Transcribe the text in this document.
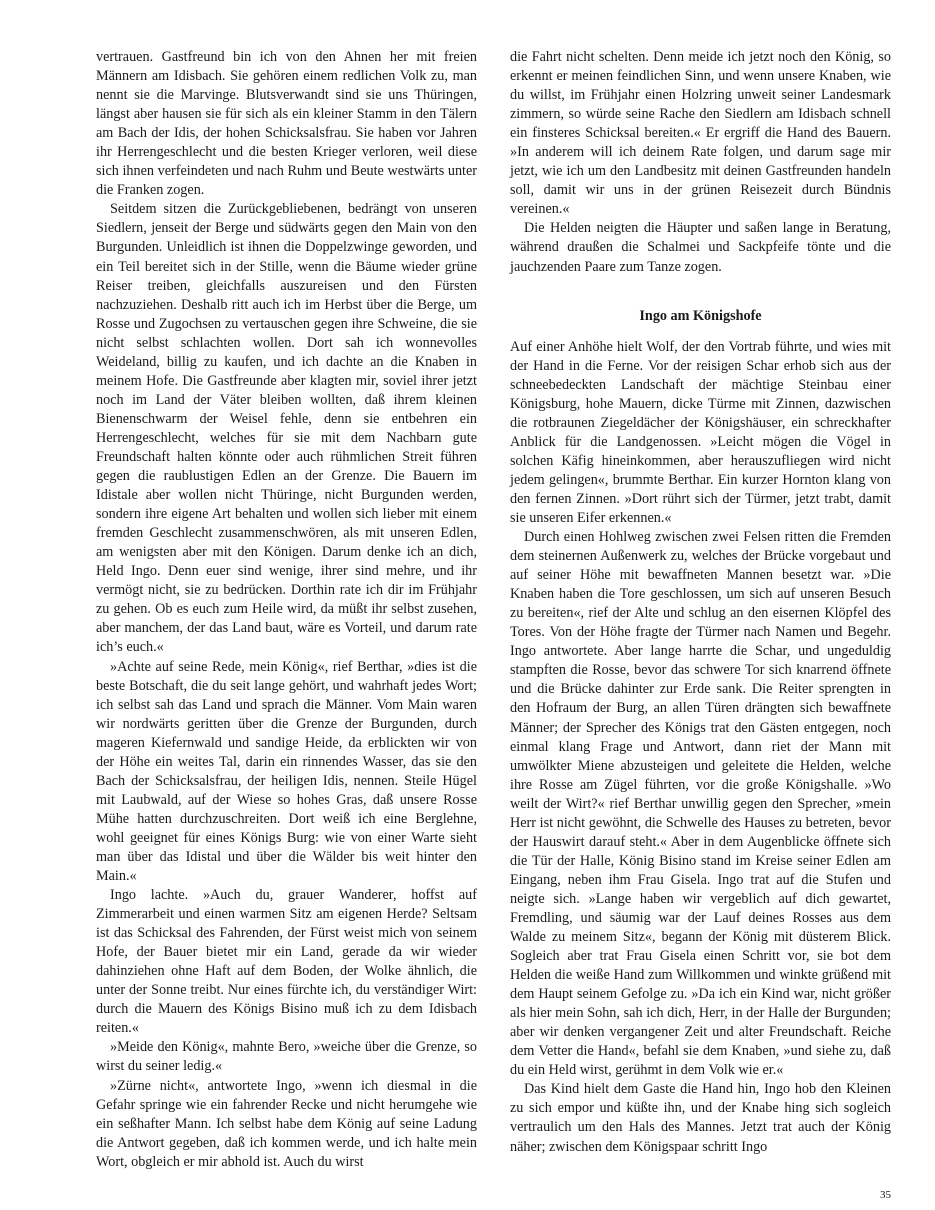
vertrauen. Gastfreund bin ich von den Ahnen her mit freien Männern am Idisbach. Sie gehören einem redlichen Volk zu, man nennt sie die Marvinge. Blutsverwandt sind sie uns Thüringen, längst aber hausen sie für sich als ein kleiner Stamm in den Tälern am Bach der Idis, der hohen Schicksalsfrau. Sie haben vor Jahren ihr Herrengeschlecht und die besten Krieger verloren, weil diese sich ihnen verfeindeten und nach Ruhm und Beute westwärts unter die Franken zogen.

Seitdem sitzen die Zurückgebliebenen, bedrängt von unseren Siedlern, jenseit der Berge und südwärts gegen den Main von den Burgunden. Unleidlich ist ihnen die Doppelzwinge geworden, und ein Teil bereitet sich in der Stille, wenn die Bäume wieder grüne Reiser treiben, gleichfalls auszureisen und den Fürsten nachzuziehen. Deshalb ritt auch ich im Herbst über die Berge, um Rosse und Zugochsen zu vertauschen gegen ihre Schweine, die sie nicht selbst schlachten wollen. Dort sah ich wonnevolles Weideland, billig zu kaufen, und ich dachte an die Knaben in meinem Hofe. Die Gastfreunde aber klagten mir, soviel ihrer jetzt noch im Land der Väter bleiben wollten, daß ihrem kleinen Bienenschwarm der Weisel fehle, denn sie entbehren ein Herrengeschlecht, welches für sie mit dem Nachbarn gute Freundschaft halten könnte oder auch rühmlichen Streit führen gegen die raublustigen Edlen an der Grenze. Die Bauern im Idistale aber wollen nicht Thüringe, nicht Burgunden werden, sondern ihre eigene Art behalten und wollen sich lieber mit einem fremden Geschlecht zusammenschwören, als mit unseren Edlen, am wenigsten aber mit den Königen. Darum denke ich an dich, Held Ingo. Denn euer sind wenige, ihrer sind mehre, und ihr vermögt nicht, sie zu bedrücken. Dorthin rate ich dir im Frühjahr zu gehen. Ob es euch zum Heile wird, da müßt ihr selbst zusehen, aber manchem, der das Land baut, wäre es Vorteil, und darum rate ich’s euch.«

»Achte auf seine Rede, mein König«, rief Berthar, »dies ist die beste Botschaft, die du seit lange gehört, und wahrhaft jedes Wort; ich selbst sah das Land und sprach die Männer. Vom Main waren wir nordwärts geritten über die Grenze der Burgunden, durch mageren Kiefernwald und sandige Heide, da erblickten wir von der Höhe ein weites Tal, darin ein rinnendes Wasser, das sie den Bach der Schicksalsfrau, der heiligen Idis, nennen. Steile Hügel mit Laubwald, auf der Wiese so hohes Gras, daß unsere Rosse Mühe hatten durchzuschreiten. Dort weiß ich eine Berglehne, wohl geeignet für eines Königs Burg: wie von einer Warte sieht man über das Idistal und über die Wälder bis weit hinter den Main.«

Ingo lachte. »Auch du, grauer Wanderer, hoffst auf Zimmerarbeit und einen warmen Sitz am eigenen Herde? Seltsam ist das Schicksal des Fahrenden, der Fürst weist mich von seinem Hofe, der Bauer bietet mir ein Land, gerade da wir wieder dahinziehen ohne Haft auf dem Boden, der Wolke ähnlich, die unter der Sonne treibt. Nur eines fürchte ich, du verständiger Wirt: durch die Mauern des Königs Bisino muß ich zu dem Idisbach reiten.«

»Meide den König«, mahnte Bero, »weiche über die Grenze, so wirst du seiner ledig.«

»Zürne nicht«, antwortete Ingo, »wenn ich diesmal in die Gefahr springe wie ein fahrender Recke und nicht herumgehe wie ein seßhafter Mann. Ich selbst habe dem König auf seine Ladung die Antwort gegeben, daß ich kommen werde, und ich halte mein Wort, obgleich er mir abhold ist. Auch du wirst

die Fahrt nicht schelten. Denn meide ich jetzt noch den König, so erkennt er meinen feindlichen Sinn, und wenn unsere Knaben, wie du willst, im Frühjahr einen Holzring unweit seiner Landesmark zimmern, so würde seine Rache den Siedlern am Idisbach schnell ein finsteres Schicksal bereiten.« Er ergriff die Hand des Bauern. »In anderem will ich deinem Rate folgen, und darum sage mir jetzt, wie ich um den Landbesitz mit deinen Gastfreunden handeln soll, damit wir uns in der grünen Reisezeit durch Bündnis vereinen.«

Die Helden neigten die Häupter und saßen lange in Beratung, während draußen die Schalmei und Sackpfeife tönte und die jauchzenden Paare zum Tanze zogen.

Ingo am Königshofe

Auf einer Anhöhe hielt Wolf, der den Vortrab führte, und wies mit der Hand in die Ferne. Vor der reisigen Schar erhob sich aus der schneebedeckten Landschaft der mächtige Steinbau einer Königsburg, hohe Mauern, dicke Türme mit Zinnen, dazwischen die rotbraunen Ziegeldächer der Königshäuser, ein schreckhafter Anblick für die Landgenossen. »Leicht mögen die Vögel in solchen Käfig hineinkommen, aber herauszufliegen wird nicht jedem gelingen«, brummte Berthar. Ein kurzer Hornton klang von den fernen Zinnen. »Dort rührt sich der Türmer, jetzt trabt, damit sie unseren Eifer erkennen.«

Durch einen Hohlweg zwischen zwei Felsen ritten die Fremden dem steinernen Außenwerk zu, welches der Brücke vorgebaut und auf seiner Höhe mit bewaffneten Mannen besetzt war. »Die Knaben haben die Tore geschlossen, um sich auf unseren Besuch zu bereiten«, rief der Alte und schlug an den eisernen Klöpfel des Tores. Von der Höhe fragte der Türmer nach Namen und Begehr. Ingo antwortete. Aber lange harrte die Schar, und ungeduldig stampften die Rosse, bevor das schwere Tor sich knarrend öffnete und die Brücke dahinter zur Erde sank. Die Reiter sprengten in den Hofraum der Burg, an allen Türen drängten sich bewaffnete Männer; der Sprecher des Königs trat den Gästen entgegen, noch einmal klang Frage und Antwort, dann riet der Mann mit umwölkter Miene abzusteigen und geleitete die Helden, welche ihre Rosse am Zügel führten, vor die große Königshalle. »Wo weilt der Wirt?« rief Berthar unwillig gegen den Sprecher, »mein Herr ist nicht gewöhnt, die Schwelle des Hauses zu betreten, bevor der Hauswirt darauf steht.« Aber in dem Augenblicke öffnete sich die Tür der Halle, König Bisino stand im Kreise seiner Edlen am Eingang, neben ihm Frau Gisela. Ingo trat auf die Stufen und neigte sich. »Lange haben wir vergeblich auf dich gewartet, Fremdling, und säumig war der Lauf deines Rosses aus dem Walde zu meinem Sitz«, begann der König mit düsterem Blick. Sogleich aber trat Frau Gisela einen Schritt vor, sie bot dem Helden die weiße Hand zum Willkommen und winkte grüßend mit dem Haupt seinem Gefolge zu. »Da ich ein Kind war, nicht größer als hier mein Sohn, sah ich dich, Herr, in der Halle der Burgunden; aber wir denken vergangener Zeit und alter Freundschaft. Reiche dem Vetter die Hand«, befahl sie dem Knaben, »und siehe zu, daß du ein Held wirst, gerühmt in dem Volk wie er.«

Das Kind hielt dem Gaste die Hand hin, Ingo hob den Kleinen zu sich empor und küßte ihn, und der Knabe hing sich sogleich vertraulich um den Hals des Mannes. Jetzt trat auch der König näher; zwischen dem Königspaar schritt Ingo

35
